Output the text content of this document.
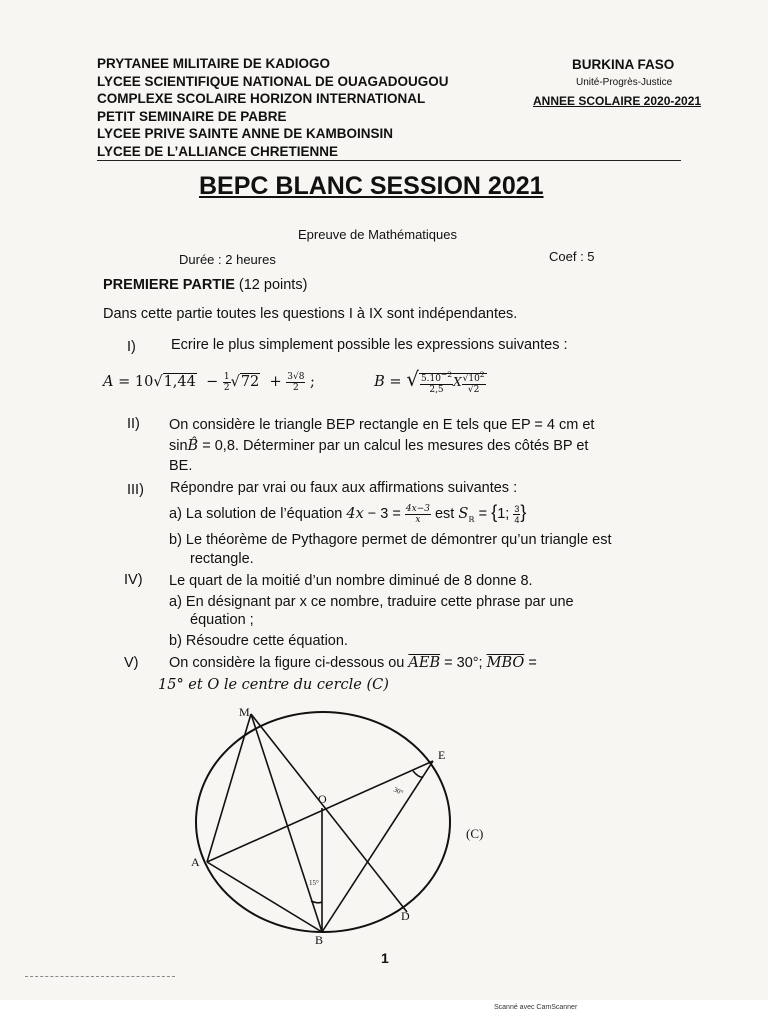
PRYTANEE MILITAIRE DE KADIOGO
LYCEE SCIENTIFIQUE NATIONAL DE OUAGADOUGOU
COMPLEXE SCOLAIRE HORIZON INTERNATIONAL
PETIT SEMINAIRE DE PABRE
LYCEE PRIVE SAINTE ANNE DE KAMBOINSIN
LYCEE DE L’ALLIANCE CHRETIENNE
BURKINA FASO
Unité-Progrès-Justice
ANNEE SCOLAIRE 2020-2021
BEPC BLANC SESSION 2021
Epreuve de Mathématiques
Durée : 2 heures	Coef : 5
PREMIERE PARTIE (12 points)
Dans cette partie toutes les questions I à IX sont indépendantes.
I) Ecrire le plus simplement possible les expressions suivantes :
$A = 10√1,44 - \frac{1}{2} √72 + \frac{3√8}{2}$ ;	B = √ $\frac{5.10^{-2}}{2,5}$ X $\frac{√10^2}{√2}$
II) On considère le triangle BEP rectangle en E tels que EP = 4 cm et
sinB̂ = 0,8. Déterminer par un calcul les mesures des côtés BP et
BE.
III) Répondre par vrai ou faux aux affirmations suivantes :
a) La solution de l’équation $4x - 3 = \frac{4x-3}{x}$ est $S_ℝ = \{1$; $\frac{3}{4}$ }
b) Le théorème de Pythagore permet de démontrer qu’un triangle est
rectangle.
IV) Le quart de la moitié d’un nombre diminué de 8 donne 8.
a) En désignant par x ce nombre, traduire cette phrase par une
équation ;
b) Résoudre cette équation.
V) On considère la figure ci-dessous ou $\overline{AEB} = 30^\circ$; $\overline{MBO}$ =
15° et O le centre du cercle (C)
M
E
O
A
D
B
30°
15°
(C)
1
Scanné avec CamScanner
